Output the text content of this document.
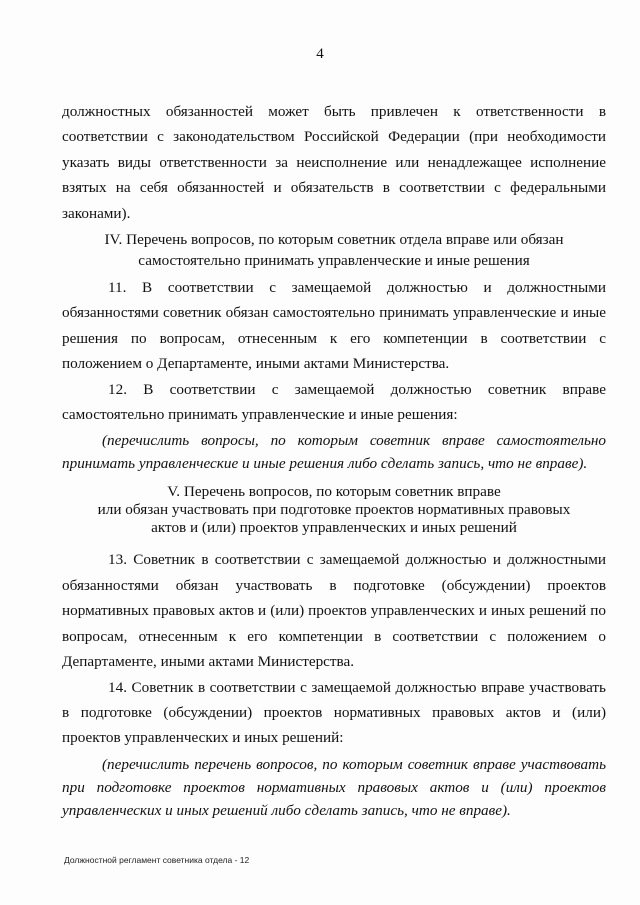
4

должностных обязанностей может быть привлечен к ответственности в соответствии с законодательством Российской Федерации (при необходимости указать виды ответственности за неисполнение или ненадлежащее исполнение взятых на себя обязанностей и обязательств в соответствии с федеральными законами).

IV. Перечень вопросов, по которым советник отдела вправе или обязан
самостоятельно принимать управленческие и иные решения

11. В соответствии с замещаемой должностью и должностными обязанностями советник обязан самостоятельно принимать управленческие и иные решения по вопросам, отнесенным к его компетенции в соответствии с положением о Департаменте, иными актами Министерства.

12. В соответствии с замещаемой должностью советник вправе самостоятельно принимать управленческие и иные решения:

(перечислить вопросы, по которым советник вправе самостоятельно принимать управленческие и иные решения либо сделать запись, что не вправе).

V. Перечень вопросов, по которым советник вправе
или обязан участвовать при подготовке проектов нормативных правовых
актов и (или) проектов управленческих и иных решений

13. Советник в соответствии с замещаемой должностью и должностными обязанностями обязан участвовать в подготовке (обсуждении) проектов нормативных правовых актов и (или) проектов управленческих и иных решений по вопросам, отнесенным к его компетенции в соответствии с положением о Департаменте, иными актами Министерства.

14. Советник в соответствии с замещаемой должностью вправе участвовать в подготовке (обсуждении) проектов нормативных правовых актов и (или) проектов управленческих и иных решений:

(перечислить перечень вопросов, по которым советник вправе участвовать при подготовке проектов нормативных правовых актов и (или) проектов управленческих и иных решений либо сделать запись, что не вправе).

Должностной регламент советника отдела - 12
